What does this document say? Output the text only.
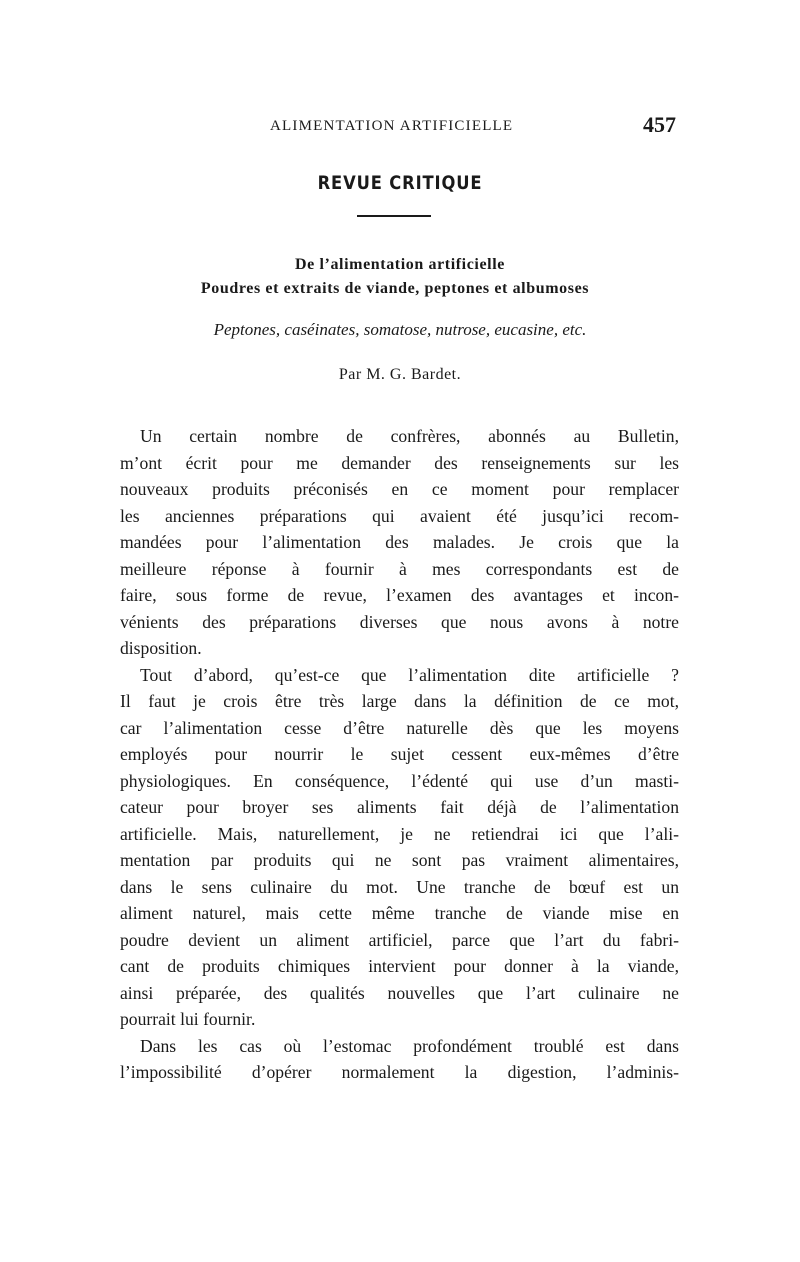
ALIMENTATION ARTIFICIELLE	457
REVUE CRITIQUE
De l’alimentation artificielle
Poudres et extraits de viande, peptones et albumoses
Peptones, caséinates, somatose, nutrose, eucasine, etc.
Par M. G. Bardet.
Un certain nombre de confrères, abonnés au Bulletin,
m’ont écrit pour me demander des renseignements sur les
nouveaux produits préconisés en ce moment pour remplacer
les anciennes préparations qui avaient été jusqu’ici recom-
mandées pour l’alimentation des malades. Je crois que la
meilleure réponse à fournir à mes correspondants est de
faire, sous forme de revue, l’examen des avantages et incon-
vénients des préparations diverses que nous avons à notre
disposition.
Tout d’abord, qu’est-ce que l’alimentation dite artificielle ?
Il faut je crois être très large dans la définition de ce mot,
car l’alimentation cesse d’être naturelle dès que les moyens
employés pour nourrir le sujet cessent eux-mêmes d’être
physiologiques. En conséquence, l’édenté qui use d’un masti-
cateur pour broyer ses aliments fait déjà de l’alimentation
artificielle. Mais, naturellement, je ne retiendrai ici que l’ali-
mentation par produits qui ne sont pas vraiment alimentaires,
dans le sens culinaire du mot. Une tranche de bœuf est un
aliment naturel, mais cette même tranche de viande mise en
poudre devient un aliment artificiel, parce que l’art du fabri-
cant de produits chimiques intervient pour donner à la viande,
ainsi préparée, des qualités nouvelles que l’art culinaire ne
pourrait lui fournir.
Dans les cas où l’estomac profondément troublé est dans
l’impossibilité d’opérer normalement la digestion, l’adminis-
